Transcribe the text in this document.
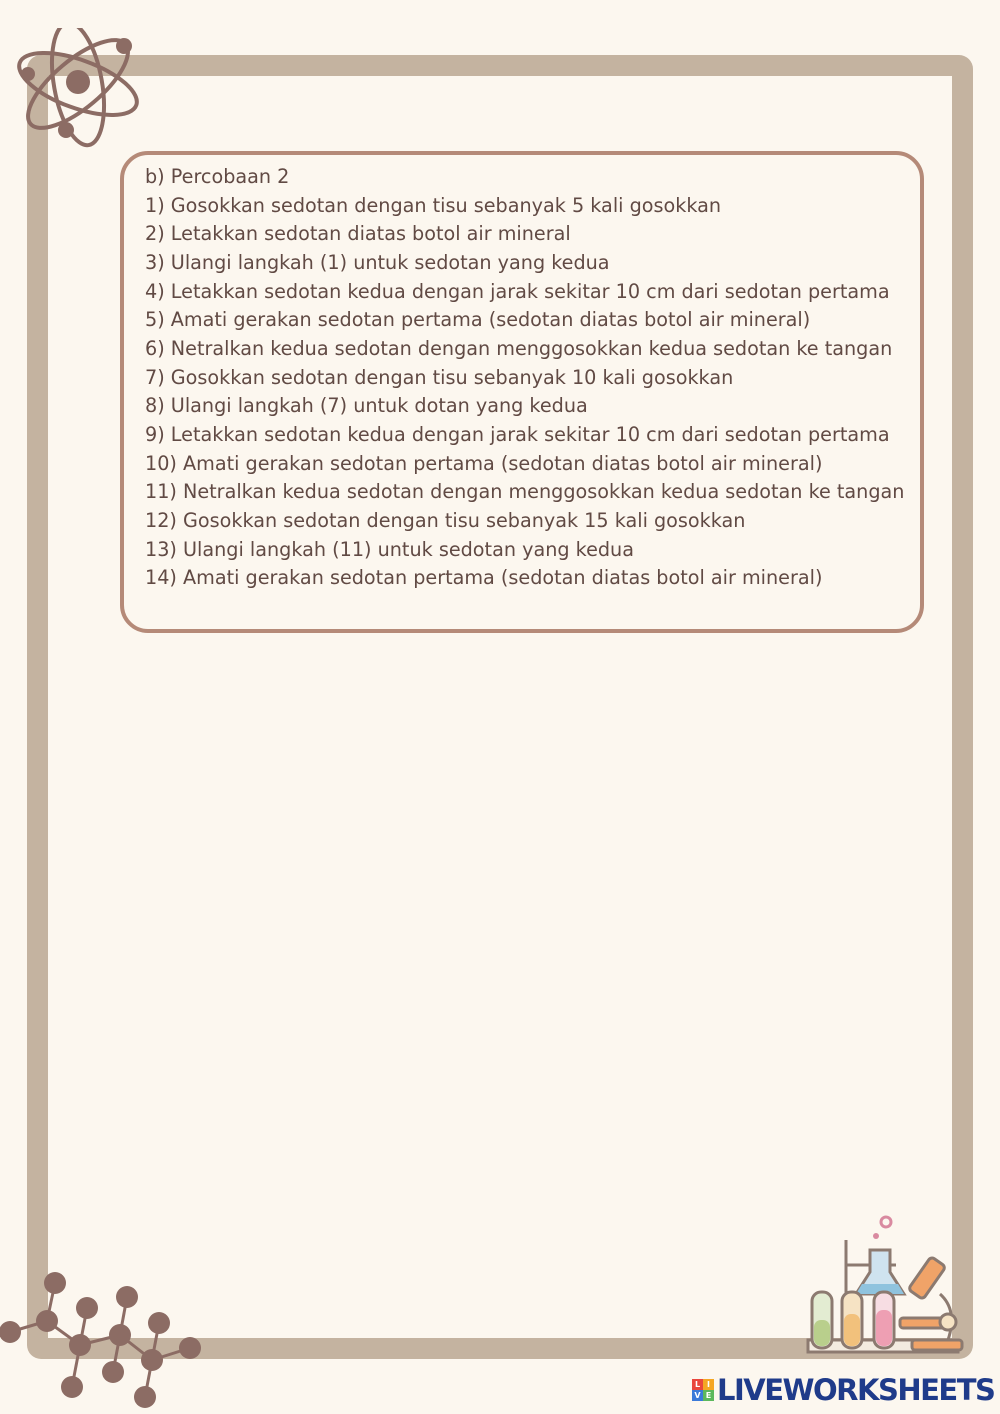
b) Percobaan 2
1) Gosokkan sedotan dengan tisu sebanyak 5 kali gosokkan
2) Letakkan sedotan diatas botol air mineral
3) Ulangi langkah (1) untuk sedotan yang kedua
4) Letakkan sedotan kedua dengan jarak sekitar 10 cm dari sedotan pertama
5) Amati gerakan sedotan pertama (sedotan diatas botol air mineral)
6) Netralkan kedua sedotan dengan menggosokkan kedua sedotan ke tangan
7) Gosokkan sedotan dengan tisu sebanyak 10 kali gosokkan
8) Ulangi langkah (7) untuk dotan yang kedua
9) Letakkan sedotan kedua dengan jarak sekitar 10 cm dari sedotan pertama
10) Amati gerakan sedotan pertama (sedotan diatas botol air mineral)
11) Netralkan kedua sedotan dengan menggosokkan kedua sedotan ke tangan
12) Gosokkan sedotan dengan tisu sebanyak 15 kali gosokkan
13) Ulangi langkah (11) untuk sedotan yang kedua
14) Amati gerakan sedotan pertama (sedotan diatas botol air mineral)
L I
V E LIVEWORKSHEETS
